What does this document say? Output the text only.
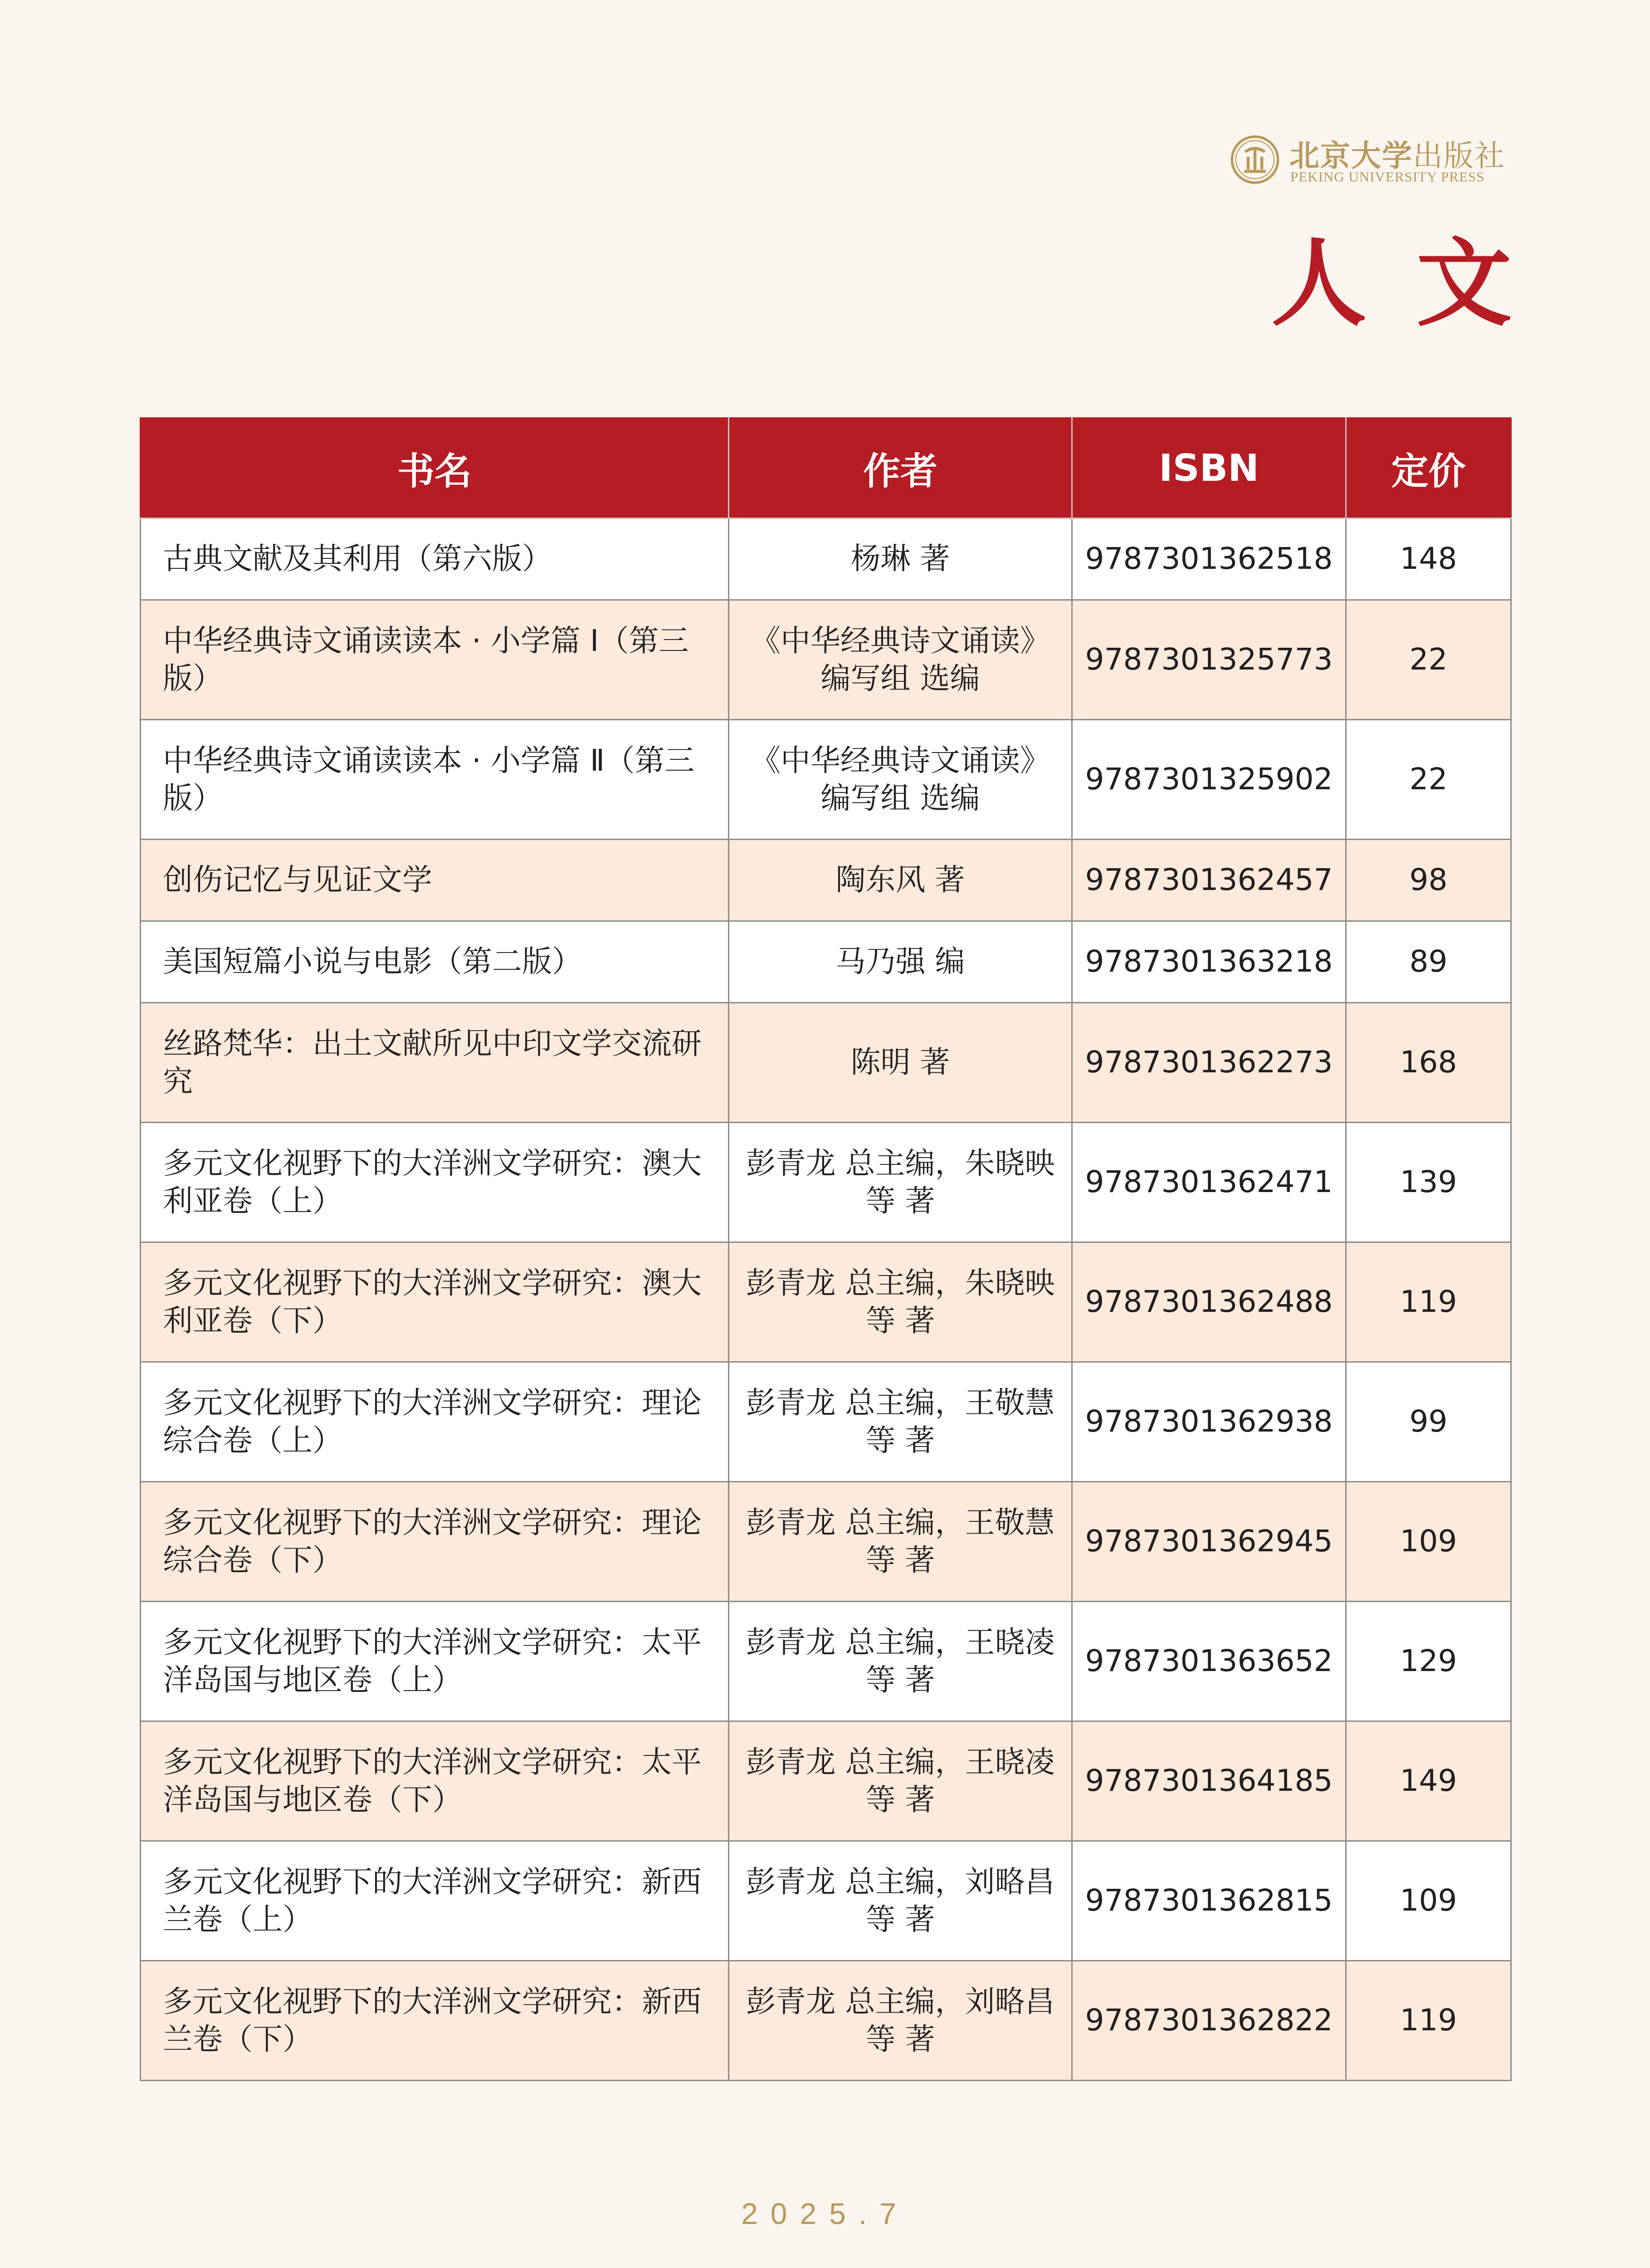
北京大学出版社
PEKING UNIVERSITY PRESS
人文
书名	作者	ISBN	定价
古典文献及其利用（第六版）	杨琳 著	9787301362518	148
中华经典诗文诵读读本 · 小学篇 Ⅰ（第三版）	《中华经典诗文诵读》编写组 选编	9787301325773	22
中华经典诗文诵读读本 · 小学篇 Ⅱ（第三版）	《中华经典诗文诵读》编写组 选编	9787301325902	22
创伤记忆与见证文学	陶东风 著	9787301362457	98
美国短篇小说与电影（第二版）	马乃强 编	9787301363218	89
丝路梵华：出土文献所见中印文学交流研究	陈明 著	9787301362273	168
多元文化视野下的大洋洲文学研究：澳大利亚卷（上）	彭青龙 总主编，朱晓映 等 著	9787301362471	139
多元文化视野下的大洋洲文学研究：澳大利亚卷（下）	彭青龙 总主编，朱晓映 等 著	9787301362488	119
多元文化视野下的大洋洲文学研究：理论综合卷（上）	彭青龙 总主编，王敬慧 等 著	9787301362938	99
多元文化视野下的大洋洲文学研究：理论综合卷（下）	彭青龙 总主编，王敬慧 等 著	9787301362945	109
多元文化视野下的大洋洲文学研究：太平洋岛国与地区卷（上）	彭青龙 总主编，王晓凌 等 著	9787301363652	129
多元文化视野下的大洋洲文学研究：太平洋岛国与地区卷（下）	彭青龙 总主编，王晓凌 等 著	9787301364185	149
多元文化视野下的大洋洲文学研究：新西兰卷（上）	彭青龙 总主编，刘略昌 等 著	9787301362815	109
多元文化视野下的大洋洲文学研究：新西兰卷（下）	彭青龙 总主编，刘略昌 等 著	9787301362822	119
2025.7
